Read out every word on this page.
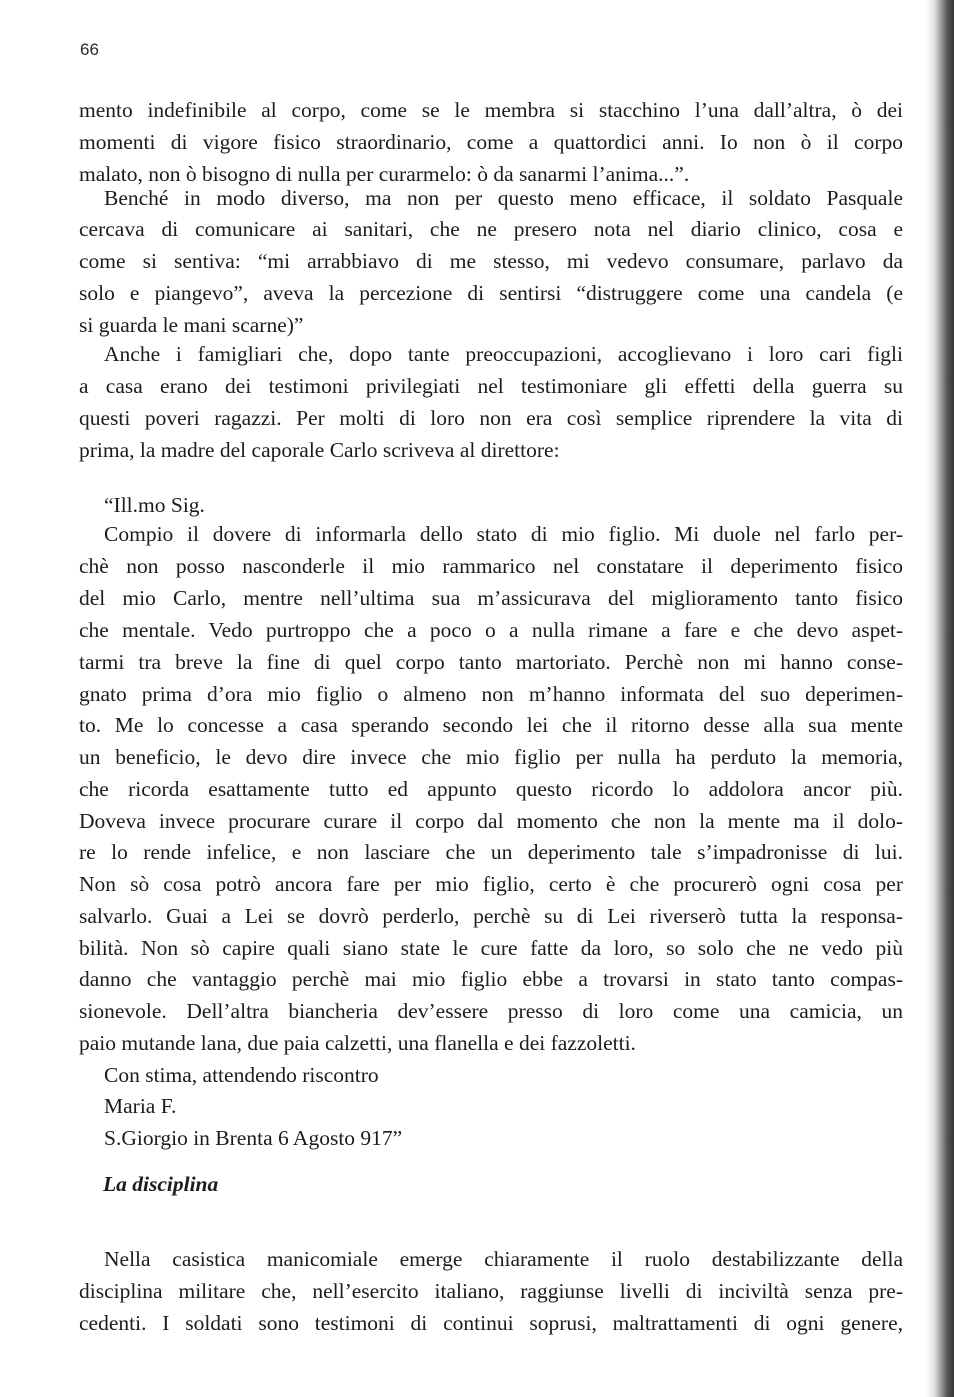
66
mento indefinibile al corpo, come se le membra si stacchino l’una dall’altra, ò dei
momenti di vigore fisico straordinario, come a quattordici anni. Io non ò il corpo
malato, non ò bisogno di nulla per curarmelo: ò da sanarmi l’anima...”.
Benché in modo diverso, ma non per questo meno efficace, il soldato Pasquale
cercava di comunicare ai sanitari, che ne presero nota nel diario clinico, cosa e
come si sentiva: “mi arrabbiavo di me stesso, mi vedevo consumare, parlavo da
solo e piangevo”, aveva la percezione di sentirsi “distruggere come una candela (e
si guarda le mani scarne)”
Anche i famigliari che, dopo tante preoccupazioni, accoglievano i loro cari figli
a casa erano dei testimoni privilegiati nel testimoniare gli effetti della guerra su
questi poveri ragazzi. Per molti di loro non era così semplice riprendere la vita di
prima, la madre del caporale Carlo scriveva al direttore:
“Ill.mo Sig.
Compio il dovere di informarla dello stato di mio figlio. Mi duole nel farlo per-
chè non posso nasconderle il mio rammarico nel constatare il deperimento fisico
del mio Carlo, mentre nell’ultima sua m’assicurava del miglioramento tanto fisico
che mentale. Vedo purtroppo che a poco o a nulla rimane a fare e che devo aspet-
tarmi tra breve la fine di quel corpo tanto martoriato. Perchè non mi hanno conse-
gnato prima d’ora mio figlio o almeno non m’hanno informata del suo deperimen-
to. Me lo concesse a casa sperando secondo lei che il ritorno desse alla sua mente
un beneficio, le devo dire invece che mio figlio per nulla ha perduto la memoria,
che ricorda esattamente tutto ed appunto questo ricordo lo addolora ancor più.
Doveva invece procurare curare il corpo dal momento che non la mente ma il dolo-
re lo rende infelice, e non lasciare che un deperimento tale s’impadronisse di lui.
Non sò cosa potrò ancora fare per mio figlio, certo è che procurerò ogni cosa per
salvarlo. Guai a Lei se dovrò perderlo, perchè su di Lei riverserò tutta la responsa-
bilità. Non sò capire quali siano state le cure fatte da loro, so solo che ne vedo più
danno che vantaggio perchè mai mio figlio ebbe a trovarsi in stato tanto compas-
sionevole. Dell’altra biancheria dev’essere presso di loro come una camicia, un
paio mutande lana, due paia calzetti, una flanella e dei fazzoletti.
Con stima, attendendo riscontro
Maria F.
S.Giorgio in Brenta 6 Agosto 917”
La disciplina
Nella casistica manicomiale emerge chiaramente il ruolo destabilizzante della
disciplina militare che, nell’esercito italiano, raggiunse livelli di inciviltà senza pre-
cedenti. I soldati sono testimoni di continui soprusi, maltrattamenti di ogni genere,
